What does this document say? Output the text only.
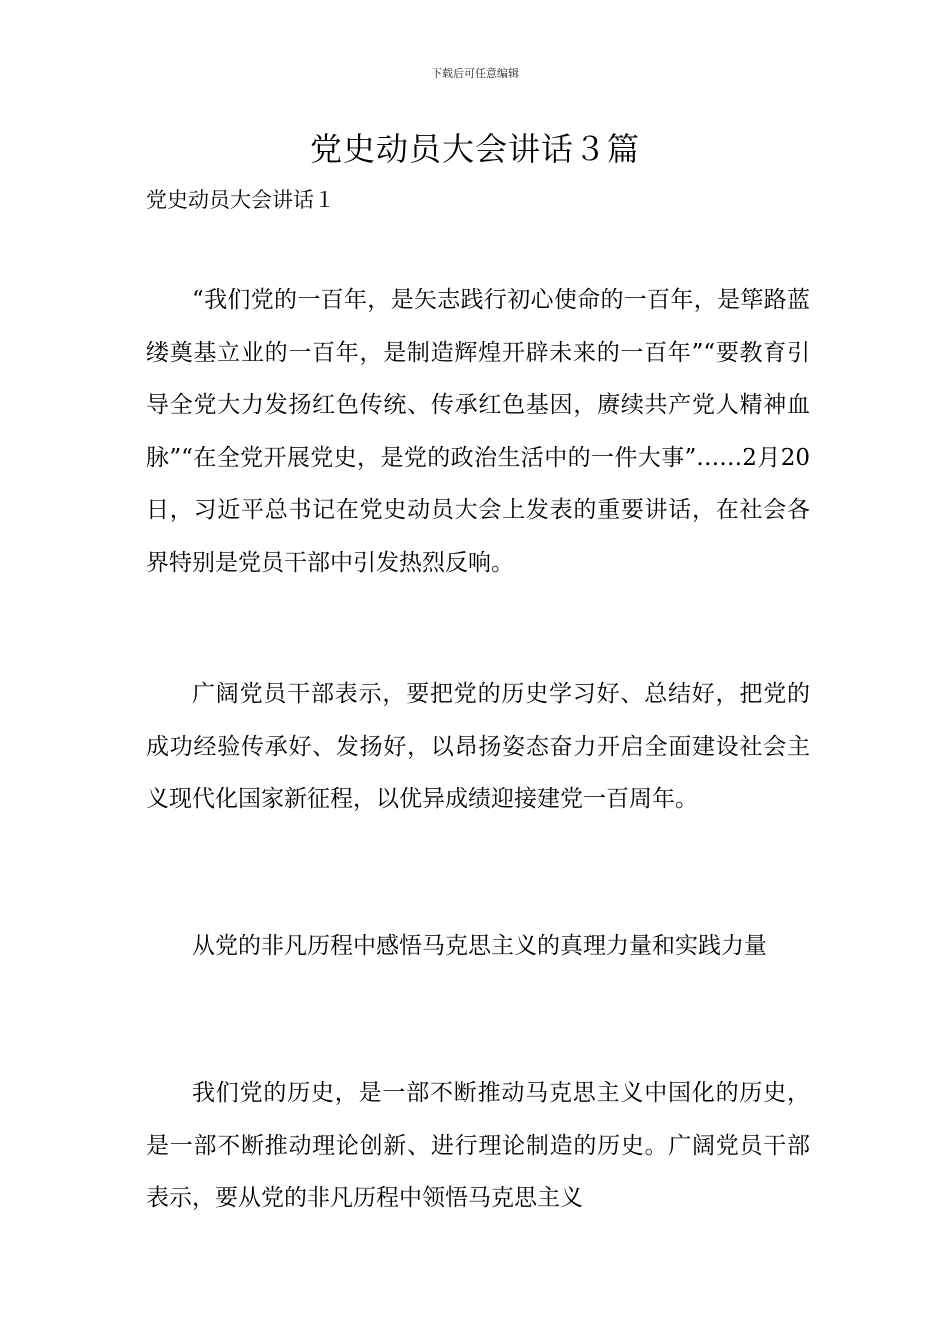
下载后可任意编辑
党史动员大会讲话３篇

党史动员大会讲话１

“我们党的一百年，是矢志践行初心使命的一百年，是筚路蓝缕奠基立业的一百年，是制造辉煌开辟未来的一百年”“要教育引导全党大力发扬红色传统、传承红色基因，赓续共产党人精神血脉”“在全党开展党史，是党的政治生活中的一件大事”……2月20日，习近平总书记在党史动员大会上发表的重要讲话，在社会各界特别是党员干部中引发热烈反响。

广阔党员干部表示，要把党的历史学习好、总结好，把党的成功经验传承好、发扬好，以昂扬姿态奋力开启全面建设社会主义现代化国家新征程，以优异成绩迎接建党一百周年。

从党的非凡历程中感悟马克思主义的真理力量和实践力量

我们党的历史，是一部不断推动马克思主义中国化的历史，是一部不断推动理论创新、进行理论制造的历史。广阔党员干部表示，要从党的非凡历程中领悟马克思主义
